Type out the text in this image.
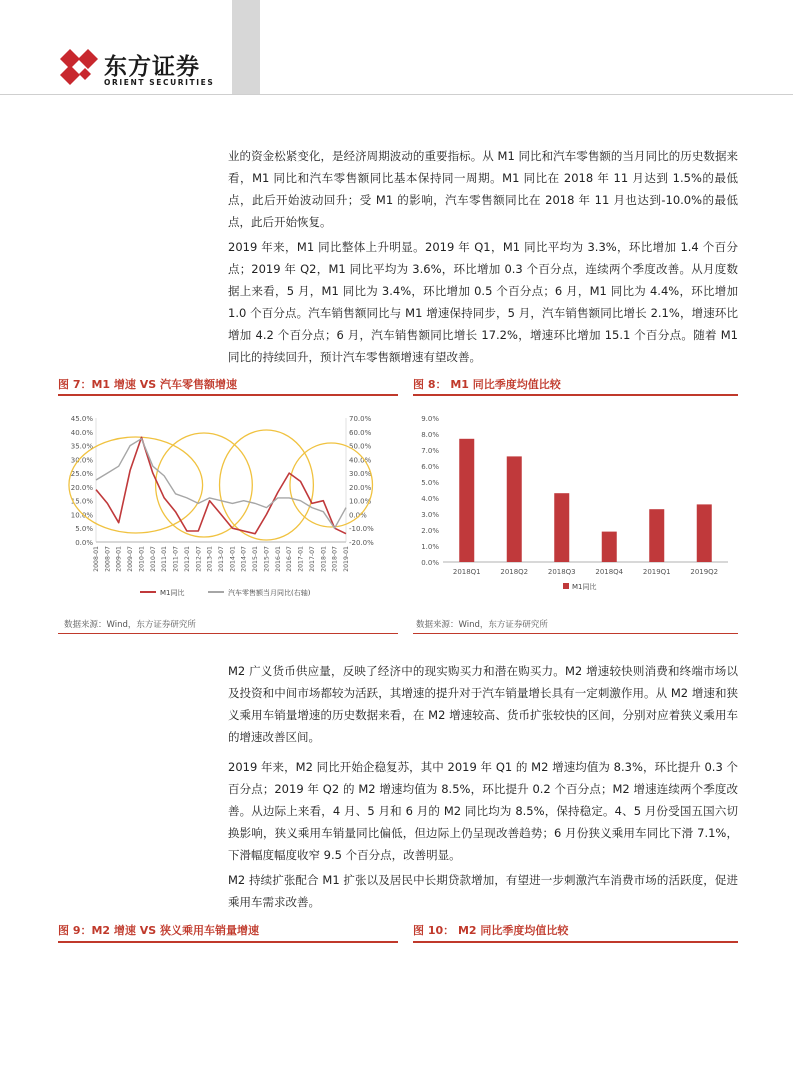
东方证券
ORIENT SECURITIES
业的资金松紧变化，是经济周期波动的重要指标。从 M1 同比和汽车零售额的当月同比的历史数据来看，M1 同比和汽车零售额同比基本保持同一周期。M1 同比在 2018 年 11 月达到 1.5%的最低点，此后开始波动回升；受 M1 的影响，汽车零售额同比在 2018 年 11 月也达到-10.0%的最低点，此后开始恢复。
2019 年来，M1 同比整体上升明显。2019 年 Q1，M1 同比平均为 3.3%，环比增加 1.4 个百分点；2019 年 Q2，M1 同比平均为 3.6%，环比增加 0.3 个百分点，连续两个季度改善。从月度数据上来看，5 月，M1 同比为 3.4%，环比增加 0.5 个百分点；6 月，M1 同比为 4.4%，环比增加 1.0 个百分点。汽车销售额同比与 M1 增速保持同步，5 月，汽车销售额同比增长 2.1%，增速环比增加 4.2 个百分点；6 月，汽车销售额同比增长 17.2%，增速环比增加 15.1 个百分点。随着 M1 同比的持续回升，预计汽车零售额增速有望改善。
图 7：M1 增速 VS 汽车零售额增速	图 8： M1 同比季度均值比较
45.0%
40.0%
35.0%
30.0%
25.0%
20.0%
15.0%
10.0%
5.0%
0.0%
70.0%
60.0%
50.0%
40.0%
30.0%
20.0%
10.0%
0.0%
-10.0%
-20.0%
2008-01 2008-07 2009-01 2009-07 2010-01 2010-07 2011-01 2011-07 2012-01 2012-07 2013-01 2013-07 2014-01 2014-07 2015-01 2015-07 2016-01 2016-07 2017-01 2017-07 2018-01 2018-07 2019-01
M1同比	汽车零售额当月同比(右轴)
0.0%
1.0%
2.0%
3.0%
4.0%
5.0%
6.0%
7.0%
8.0%
9.0%
2018Q1	2018Q2	2018Q3	2018Q4	2019Q1	2019Q2
M1同比
数据来源：Wind，东方证券研究所	数据来源：Wind，东方证券研究所
M2 广义货币供应量，反映了经济中的现实购买力和潜在购买力。M2 增速较快则消费和终端市场以及投资和中间市场都较为活跃，其增速的提升对于汽车销量增长具有一定刺激作用。从 M2 增速和狭义乘用车销量增速的历史数据来看，在 M2 增速较高、货币扩张较快的区间，分别对应着狭义乘用车的增速改善区间。
2019 年来，M2 同比开始企稳复苏，其中 2019 年 Q1 的 M2 增速均值为 8.3%，环比提升 0.3 个百分点；2019 年 Q2 的 M2 增速均值为 8.5%，环比提升 0.2 个百分点；M2 增速连续两个季度改善。从边际上来看，4 月、5 月和 6 月的 M2 同比均为 8.5%，保持稳定。4、5 月份受国五国六切换影响，狭义乘用车销量同比偏低，但边际上仍呈现改善趋势；6 月份狭义乘用车同比下滑 7.1%，下滑幅度幅度收窄 9.5 个百分点，改善明显。
M2 持续扩张配合 M1 扩张以及居民中长期贷款增加，有望进一步刺激汽车消费市场的活跃度，促进乘用车需求改善。
图 9：M2 增速 VS 狭义乘用车销量增速	图 10： M2 同比季度均值比较
